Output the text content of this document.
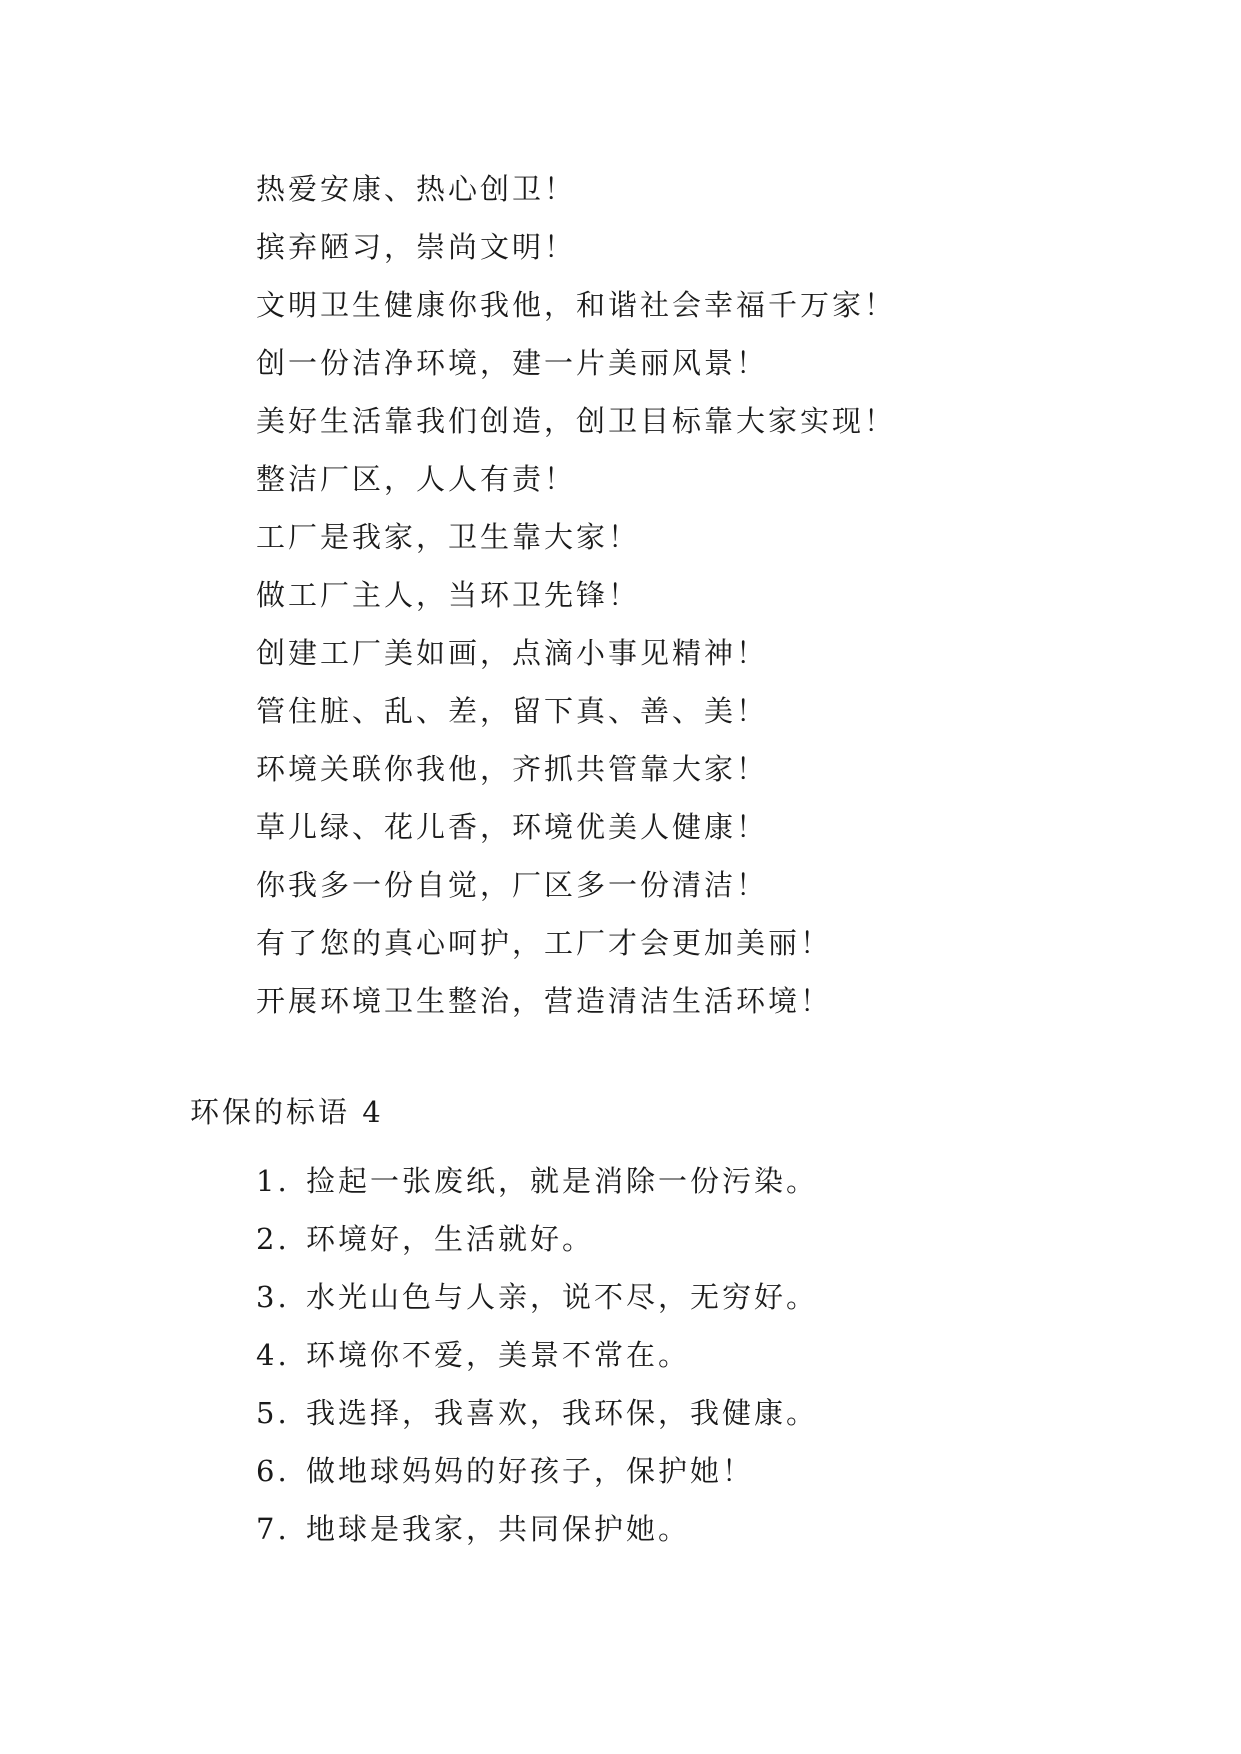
热爱安康、热心创卫！
摈弃陋习，崇尚文明！
文明卫生健康你我他，和谐社会幸福千万家！
创一份洁净环境，建一片美丽风景！
美好生活靠我们创造，创卫目标靠大家实现！
整洁厂区，人人有责！
工厂是我家，卫生靠大家！
做工厂主人，当环卫先锋！
创建工厂美如画，点滴小事见精神！
管住脏、乱、差，留下真、善、美！
环境关联你我他，齐抓共管靠大家！
草儿绿、花儿香，环境优美人健康！
你我多一份自觉，厂区多一份清洁！
有了您的真心呵护，工厂才会更加美丽！
开展环境卫生整治，营造清洁生活环境！
环保的标语 4
1. 捡起一张废纸，就是消除一份污染。
2. 环境好，生活就好。
3. 水光山色与人亲，说不尽，无穷好。
4. 环境你不爱，美景不常在。
5. 我选择，我喜欢，我环保，我健康。
6. 做地球妈妈的好孩子，保护她！
7. 地球是我家，共同保护她。
